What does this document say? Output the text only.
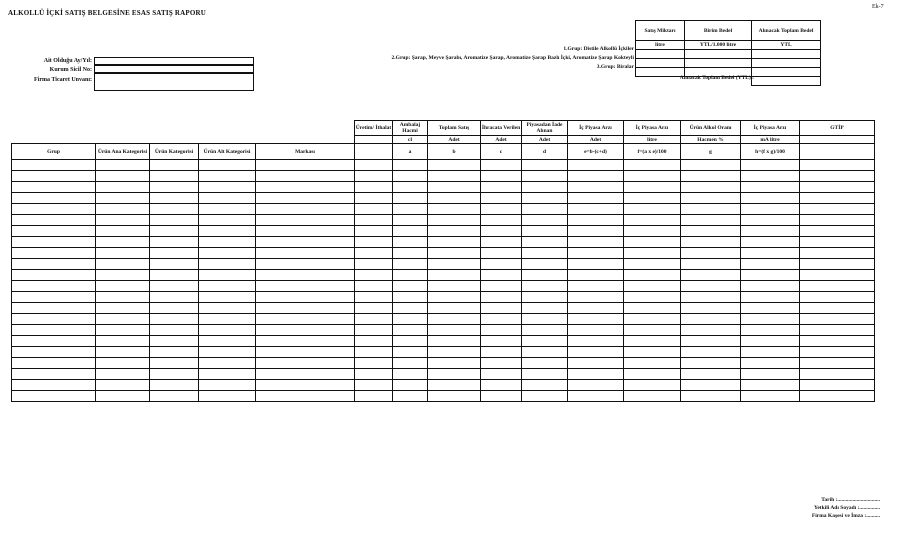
ALKOLLÜ İÇKİ SATIŞ BELGESİNE ESAS SATIŞ RAPORU
Ek-7
Ait Olduğu Ay/Yıl:
Kurum Sicil No:
Firma Ticaret Unvanı:
1.Grup: Distile Alkollü İçkiler
2.Grup: Şarap, Meyve Şarabı, Aromatize Şarap, Aromatize Şarap Bazlı İçki, Aromatize Şarap Kokteyli
3.Grup: Biralar
Alınacak Toplam Bedel (YTL) :
Satış Miktarı	Birim Bedel	Alınacak Toplam Bedel
litre	YTL/1.000 litre	YTL

					Üretim/ İthalat	Ambalaj Hacmi	Toplam Satış	İhracata Verilen	Piyasadan İade Alınan	İç Piyasa Arzı	İç Piyasa Arzı	Ürün Alkol Oranı	İç Piyasa Arzı	GTİP
						cl	Adet	Adet	Adet	Adet	litre	Hacmen %	mA litre	
Grup	Ürün Ana Kategorisi	Ürün Kategorisi	Ürün Alt Kategorisi	Markası		a	b	c	d	e=b-(c+d)	f=(a x e)/100	g	h=(f x g)/100	

Tarih :...............................
Yetkili Adı Soyadı :...............
Firma Kaşesi ve İmza :..........
